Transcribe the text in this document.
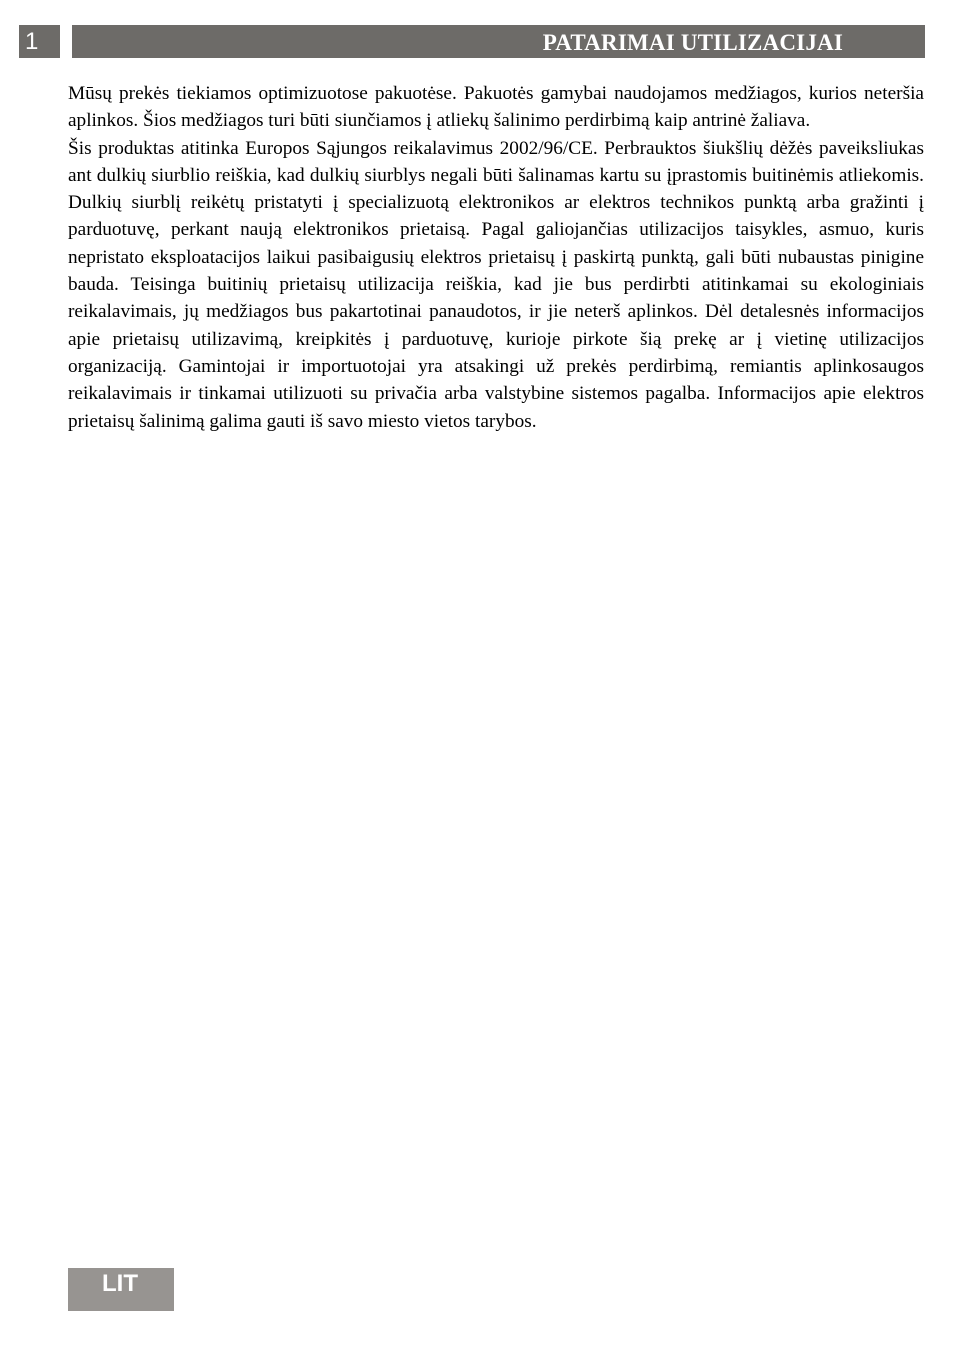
1	PATARIMAI UTILIZACIJAI

Mūsų prekės tiekiamos optimizuotose pakuotėse. Pakuotės gamybai naudojamos medžiagos, kurios neteršia aplinkos. Šios medžiagos turi būti siunčiamos į atliekų šalinimo perdirbimą kaip antrinė žaliava.

Šis produktas atitinka Europos Sąjungos reikalavimus 2002/96/CE. Perbrauktos šiukšlių dėžės paveiksliukas ant dulkių siurblio reiškia, kad dulkių siurblys negali būti šalinamas kartu su įprastomis buitinėmis atliekomis. Dulkių siurblį reikėtų pristatyti į specializuotą elektronikos ar elektros technikos punktą arba gražinti į parduotuvę, perkant naują elektronikos prietaisą. Pagal galiojančias utilizacijos taisykles, asmuo, kuris nepristato eksploatacijos laikui pasibaigusių elektros prietaisų į paskirtą punktą, gali būti nubaustas pinigine bauda. Teisinga buitinių prietaisų utilizacija reiškia, kad jie bus perdirbti atitinkamai su ekologiniais reikalavimais, jų medžiagos bus pakartotinai panaudotos, ir jie neterš aplinkos. Dėl detalesnės informacijos apie prietaisų utilizavimą, kreipkitės į parduotuvę, kurioje pirkote šią prekę ar į vietinę utilizacijos organizaciją. Gamintojai ir importuotojai yra atsakingi už prekės perdirbimą, remiantis aplinkosaugos reikalavimais ir tinkamai utilizuoti su privačia arba valstybine sistemos pagalba. Informacijos apie elektros prietaisų šalinimą galima gauti iš savo miesto vietos tarybos.

LIT
